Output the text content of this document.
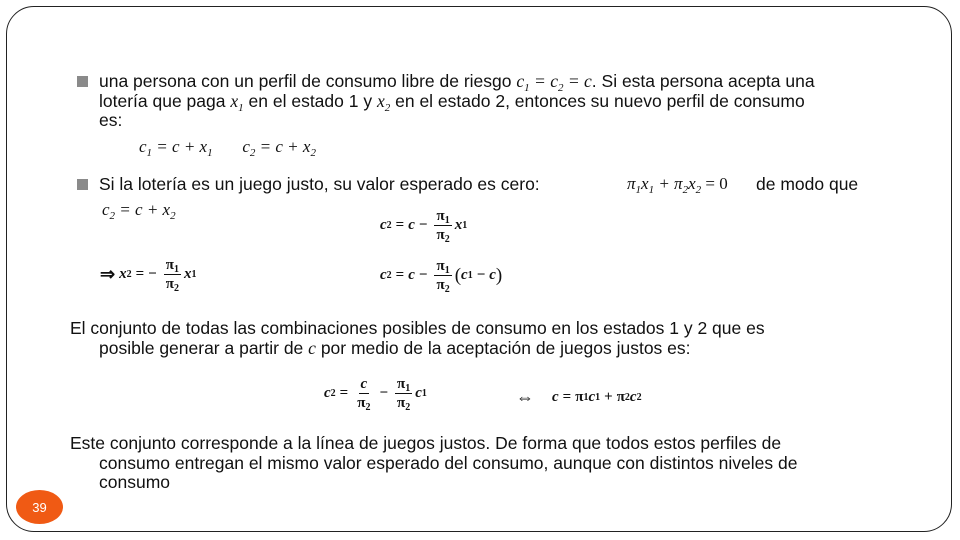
una persona con un perfil de consumo libre de riesgo $c_1 = c_2 = c$. Si esta persona acepta una
lotería que paga $x_1$ en el estado 1 y $x_2$ en el estado 2, entonces su nuevo perfil de consumo
es:
$c_1 = c + x_1$       $c_2 = c + x_2$
Si la lotería es un juego justo, su valor esperado es cero:	$\pi_1x_1 + \pi_2x_2 = 0$ de modo que
$c_2 = c + x_2$
c $2 = c - \frac{\pi_1}{\pi_2}$ x 1
⇒ x 2 = − $\frac{\pi_1}{\pi_2}$ x 1	c $2 = c - \frac{\pi_1}{\pi_2}$ ( c 1 − c )
El conjunto de todas las combinaciones posibles de consumo en los estados 1 y 2 que es
posible generar a partir de c por medio de la aceptación de juegos justos es:
c $2 = \frac{c}{\pi_2} - \frac{\pi_1}{\pi_2}$ c 1	⇔ c = π 1 c 1 + π 2 c 2
Este conjunto corresponde a la línea de juegos justos. De forma que todos estos perfiles de
consumo entregan el mismo valor esperado del consumo, aunque con distintos niveles de
consumo
39
